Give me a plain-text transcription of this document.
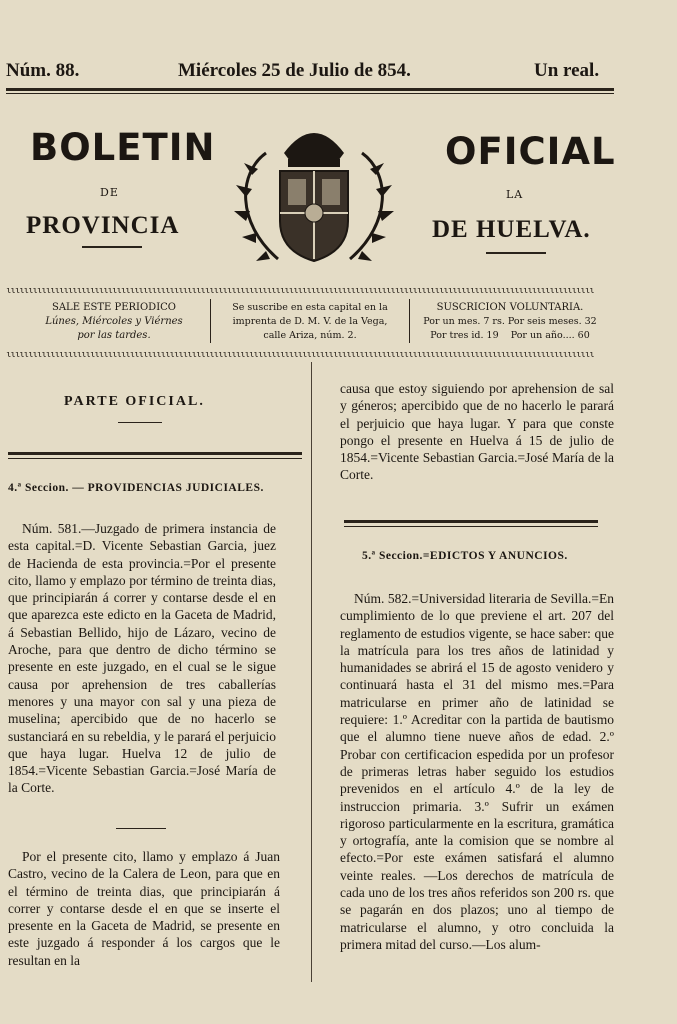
Núm. 88.	Miércoles 25 de Julio de 854.	Un real.
BOLETIN
DE
PROVINCIA
OFICIAL
LA
DE HUELVA.
ɩɩɩɩɩɩɩɩɩɩɩɩɩɩɩɩɩɩɩɩɩɩɩɩɩɩɩɩɩɩɩɩɩɩɩɩɩɩɩɩɩɩɩɩɩɩɩɩɩɩɩɩɩɩɩɩɩɩɩɩɩɩɩɩɩɩɩɩɩɩɩɩɩɩɩɩɩɩɩɩɩɩɩɩɩɩɩɩɩɩɩɩɩɩɩɩɩɩɩɩɩɩɩɩɩɩɩɩɩɩɩɩɩɩɩɩɩɩɩɩɩɩɩɩɩɩɩɩɩɩɩɩɩ
ɩɩɩɩɩɩɩɩɩɩɩɩɩɩɩɩɩɩɩɩɩɩɩɩɩɩɩɩɩɩɩɩɩɩɩɩɩɩɩɩɩɩɩɩɩɩɩɩɩɩɩɩɩɩɩɩɩɩɩɩɩɩɩɩɩɩɩɩɩɩɩɩɩɩɩɩɩɩɩɩɩɩɩɩɩɩɩɩɩɩɩɩɩɩɩɩɩɩɩɩɩɩɩɩɩɩɩɩɩɩɩɩɩɩɩɩɩɩɩɩɩɩɩɩɩɩɩɩɩɩɩɩɩ
SALE ESTE PERIODICO
Lúnes, Miércoles y Viérnes
por las tardes.
Se suscribe en esta capital en la
imprenta de D. M. V. de la Vega,
calle Ariza, núm. 2.
SUSCRICION VOLUNTARIA.
Por un mes. 7 rs. Por seis meses. 32
Por tres id. 19    Por un año.... 60
PARTE OFICIAL.
4.ª Seccion. — PROVIDENCIAS JUDICIALES.

Núm. 581.—Juzgado de primera instancia de esta capital.=D. Vicente Sebastian Garcia, juez de Hacienda de esta provincia.=Por el presente cito, llamo y emplazo por término de treinta dias, que principiarán á correr y contarse desde el en que aparezca este edicto en la Gaceta de Madrid, á Sebastian Bellido, hijo de Lázaro, vecino de Aroche, para que dentro de dicho término se presente en este juzgado, en el cual se le sigue causa por aprehension de tres caballerías menores y una mayor con sal y una pieza de muselina; apercibido que de no hacerlo se sustanciará en su rebeldia, y le parará el perjuicio que haya lugar. Huelva 12 de julio de 1854.=Vicente Sebastian Garcia.=José María de la Corte.

Por el presente cito, llamo y emplazo á Juan Castro, vecino de la Calera de Leon, para que en el término de treinta dias, que principiarán á correr y contarse desde el en que se inserte el presente en la Gaceta de Madrid, se presente en este juzgado á responder á los cargos que le resultan en la

causa que estoy siguiendo por aprehension de sal y géneros; apercibido que de no hacerlo le parará el perjuicio que haya lugar. Y para que conste pongo el presente en Huelva á 15 de julio de 1854.=Vicente Sebastian Garcia.=José María de la Corte.

5.ª Seccion.=EDICTOS Y ANUNCIOS.

Núm. 582.=Universidad literaria de Sevilla.=En cumplimiento de lo que previene el art. 207 del reglamento de estudios vigente, se hace saber: que la matrícula para los tres años de latinidad y humanidades se abrirá el 15 de agosto venidero y continuará hasta el 31 del mismo mes.=Para matricularse en primer año de latinidad se requiere: 1.º Acreditar con la partida de bautismo que el alumno tiene nueve años de edad. 2.º Probar con certificacion espedida por un profesor de primeras letras haber seguido los estudios prevenidos en el artículo 4.º de la ley de instruccion primaria. 3.º Sufrir un exámen rigoroso particularmente en la escritura, gramática y ortografía, ante la comision que se nombre al efecto.=Por este exámen satisfará el alumno veinte reales. —Los derechos de matrícula de cada uno de los tres años referidos son 200 rs. que se pagarán en dos plazos; uno al tiempo de matricularse el alumno, y otro concluida la primera mitad del curso.—Los alum-
